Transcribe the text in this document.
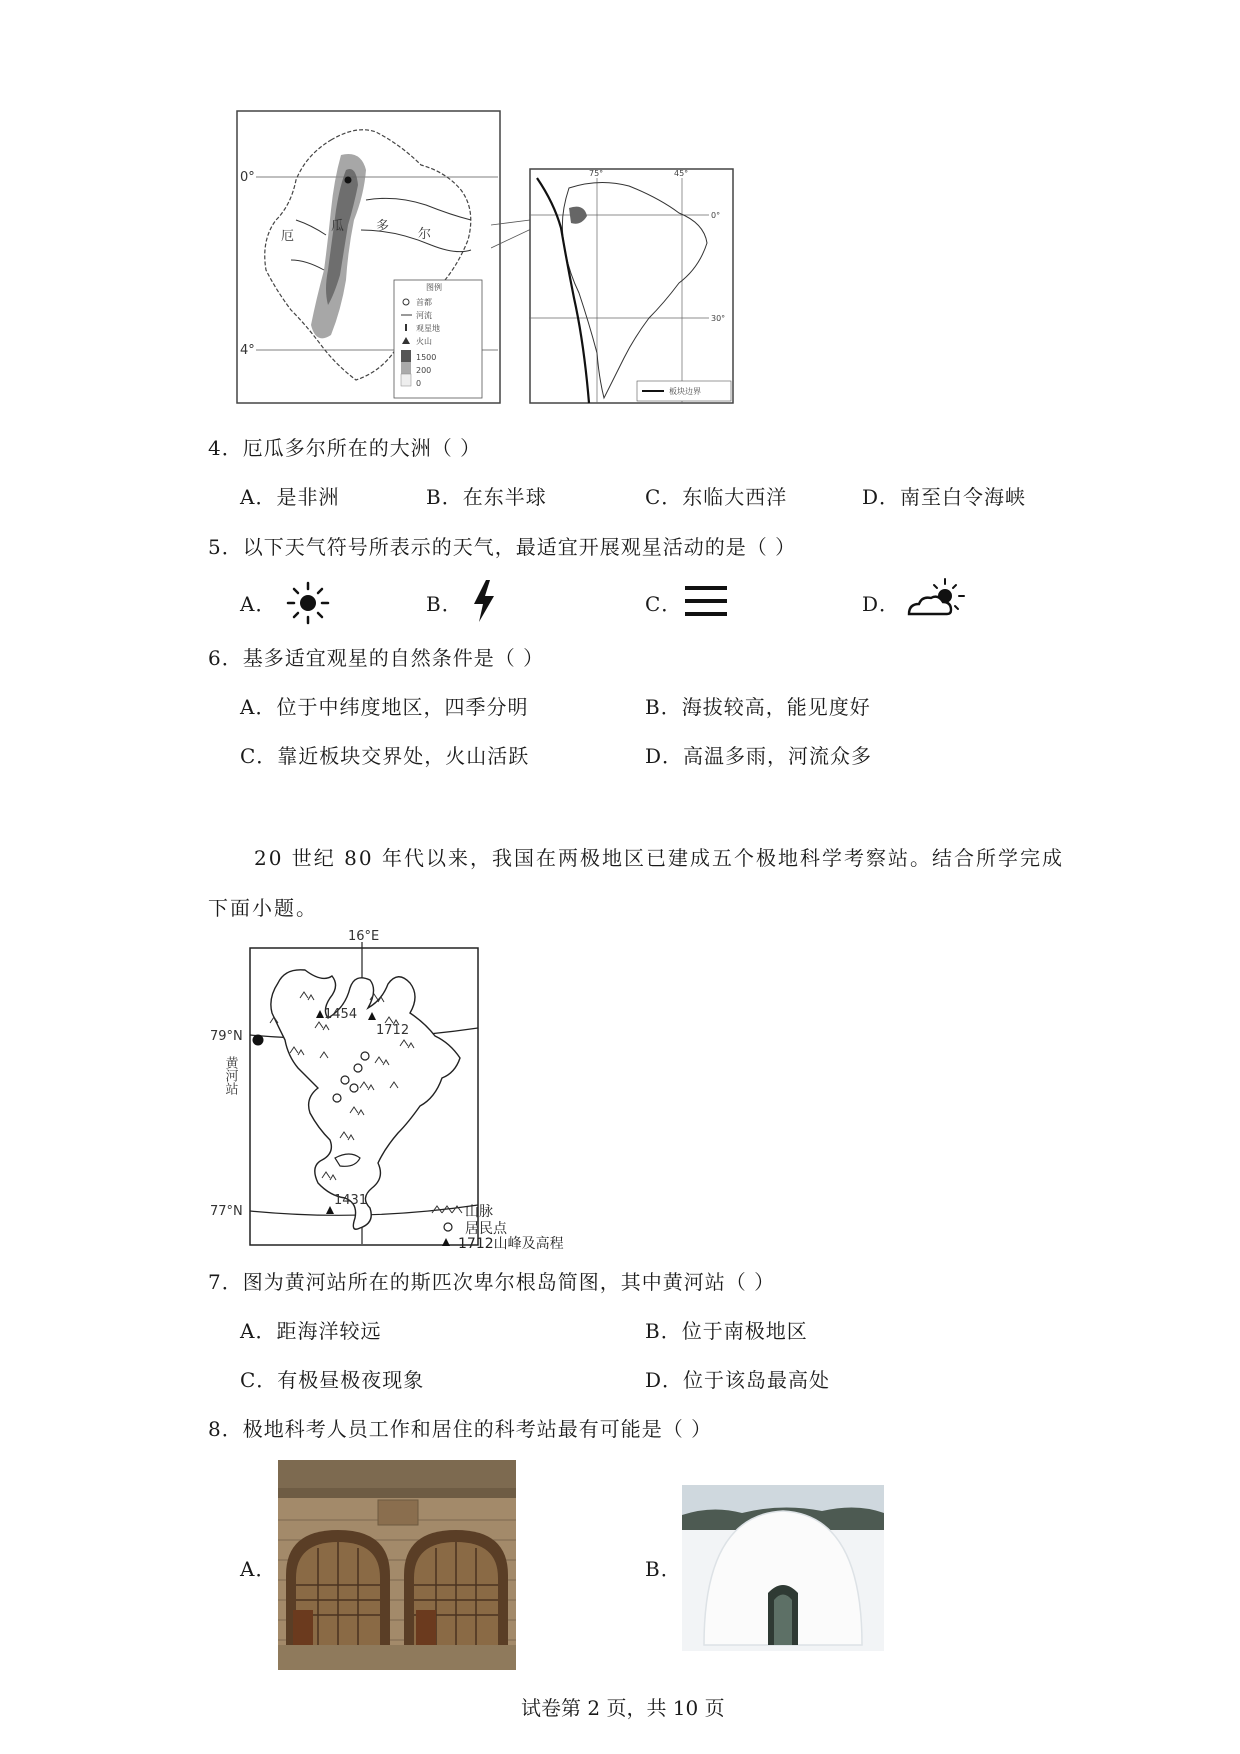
0°
4°
厄
瓜 多
尔
图例
首都
河流
观星地
火山
1500
200
0
75°	45°
0°
30°
板块边界
4．厄瓜多尔所在的大洲（ ）
A．是非洲	B．在东半球	C．东临大西洋	D．南至白令海峡
5．以下天气符号所表示的天气，最适宜开展观星活动的是（ ）
A．	B．	C．	D．
6．基多适宜观星的自然条件是（ ）
A．位于中纬度地区，四季分明	B．海拔较高，能见度好
C．靠近板块交界处，火山活跃	D．高温多雨，河流众多
20 世纪 80 年代以来，我国在两极地区已建成五个极地科学考察站。结合所学完成
下面小题。
16°E
79°N
77°N
1454
1712
1431
黄河站
山脉
居民点
1712山峰及高程
7．图为黄河站所在的斯匹次卑尔根岛简图，其中黄河站（ ）
A．距海洋较远	B．位于南极地区
C．有极昼极夜现象	D．位于该岛最高处
8．极地科考人员工作和居住的科考站最有可能是（ ）
A．	B．
试卷第 2 页，共 10 页
